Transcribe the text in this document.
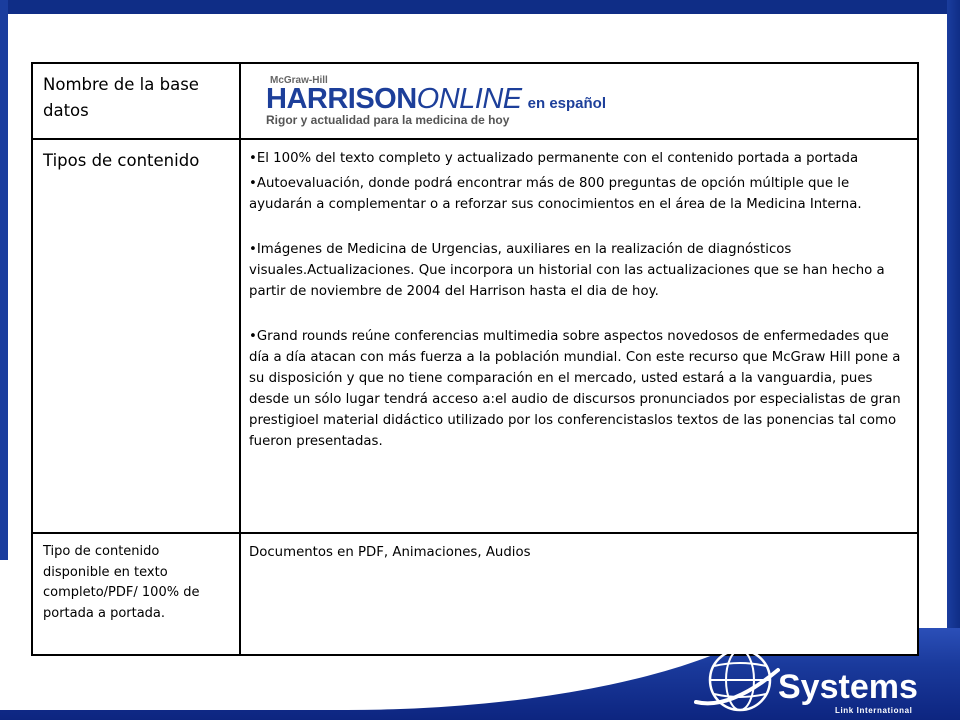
Nombre de la base datos	McGraw-Hill
HARRISONONLINE en español
Rigor y actualidad para la medicina de hoy

Tipos de contenido	•El 100% del texto completo y actualizado permanente con el contenido portada a portada

•Autoevaluación, donde podrá encontrar más de 800 preguntas de opción múltiple que le ayudarán a complementar o a reforzar sus conocimientos en el área de la Medicina Interna.

•Imágenes de Medicina de Urgencias, auxiliares en la realización de diagnósticos visuales.Actualizaciones. Que incorpora un historial con las actualizaciones que se han hecho a partir de noviembre de 2004 del Harrison hasta el dia de hoy.

•Grand rounds reúne conferencias multimedia sobre aspectos novedosos de enfermedades que día a día atacan con más fuerza a la población mundial. Con este recurso que McGraw Hill pone a su disposición y que no tiene comparación en el mercado, usted estará a la vanguardia, pues desde un sólo lugar tendrá acceso a:el audio de discursos pronunciados por especialistas de gran prestigioel material didáctico utilizado por los conferencistaslos textos de las ponencias tal como fueron presentadas.

Tipo de contenido disponible en texto completo/PDF/ 100% de portada a portada.	Documentos en PDF, Animaciones, Audios
Systems
Link International
